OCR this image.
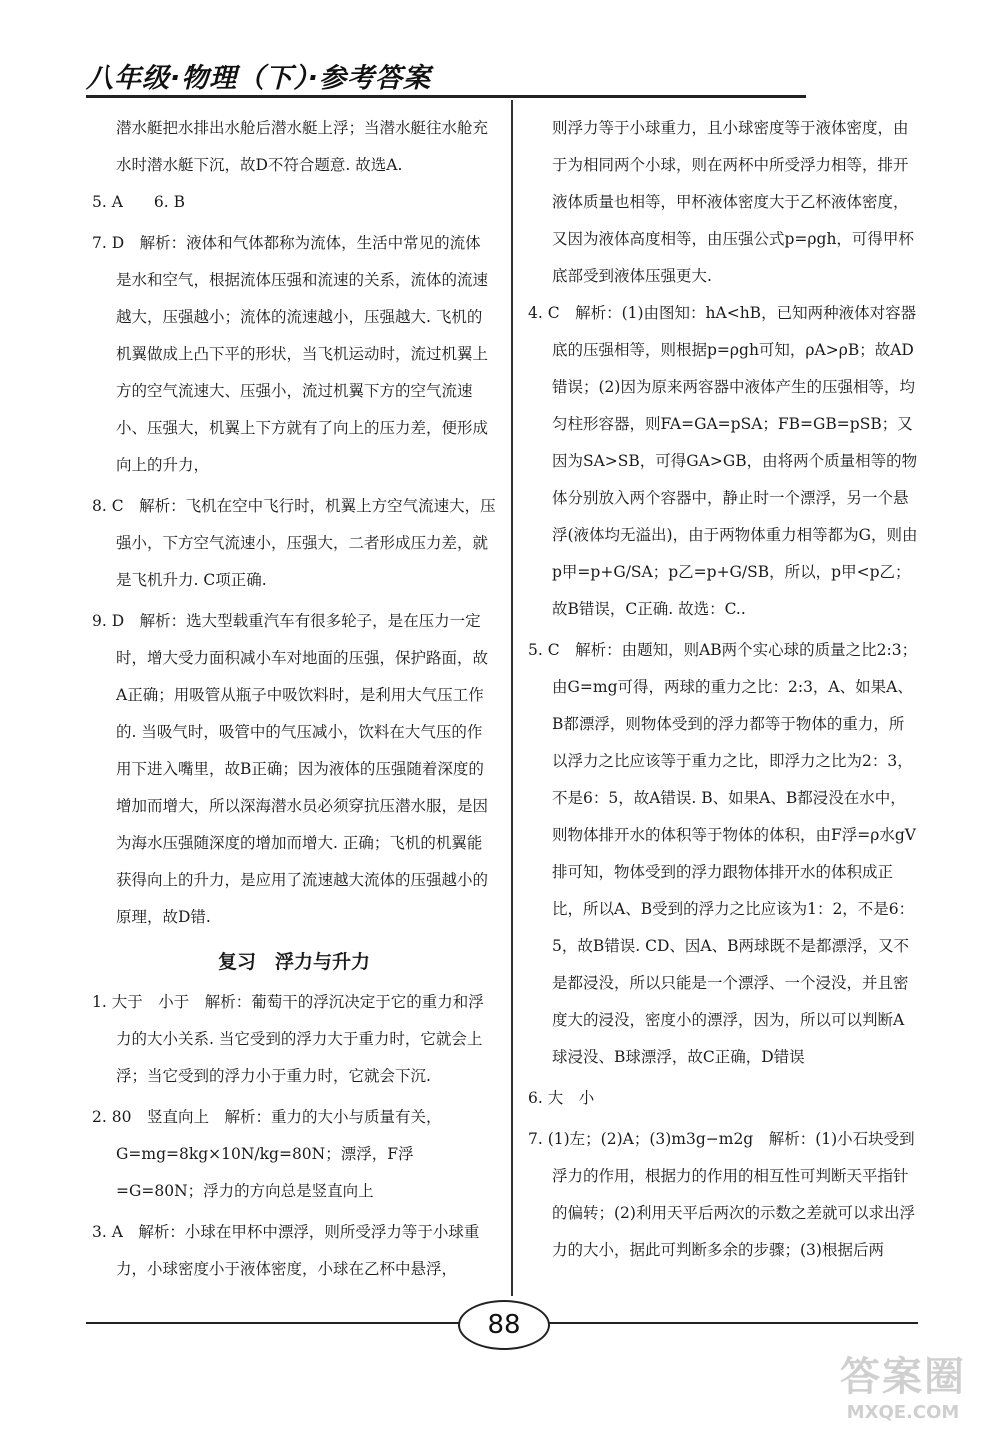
八年级·物理（下）·参考答案

潜水艇把水排出水舱后潜水艇上浮；当潜水艇往水舱充水时潜水艇下沉，故D不符合题意. 故选A.

5. A　　6. B

7. D　解析：液体和气体都称为流体，生活中常见的流体是水和空气，根据流体压强和流速的关系，流体的流速越大，压强越小；流体的流速越小，压强越大. 飞机的机翼做成上凸下平的形状，当飞机运动时，流过机翼上方的空气流速大、压强小，流过机翼下方的空气流速小、压强大，机翼上下方就有了向上的压力差，便形成向上的升力，

8. C　解析：飞机在空中飞行时，机翼上方空气流速大，压强小，下方空气流速小，压强大，二者形成压力差，就是飞机升力. C项正确.

9. D　解析：选大型载重汽车有很多轮子，是在压力一定时，增大受力面积减小车对地面的压强，保护路面，故A正确；用吸管从瓶子中吸饮料时，是利用大气压工作的. 当吸气时，吸管中的气压减小，饮料在大气压的作用下进入嘴里，故B正确；因为液体的压强随着深度的增加而增大，所以深海潜水员必须穿抗压潜水服，是因为海水压强随深度的增加而增大. 正确；飞机的机翼能获得向上的升力，是应用了流速越大流体的压强越小的原理，故D错.

复习　浮力与升力

1. 大于　小于　解析：葡萄干的浮沉决定于它的重力和浮力的大小关系. 当它受到的浮力大于重力时，它就会上浮；当它受到的浮力小于重力时，它就会下沉.

2. 80　竖直向上　解析：重力的大小与质量有关，G=mg=8kg×10N/kg=80N；漂浮，F浮=G=80N；浮力的方向总是竖直向上

3. A　解析：小球在甲杯中漂浮，则所受浮力等于小球重力，小球密度小于液体密度，小球在乙杯中悬浮，

则浮力等于小球重力，且小球密度等于液体密度，由于为相同两个小球，则在两杯中所受浮力相等，排开液体质量也相等，甲杯液体密度大于乙杯液体密度，又因为液体高度相等，由压强公式p=ρgh，可得甲杯底部受到液体压强更大.

4. C　解析：(1)由图知：hA<hB，已知两种液体对容器底的压强相等，则根据p=ρgh可知，ρA>ρB；故AD错误；(2)因为原来两容器中液体产生的压强相等，均匀柱形容器，则FA=GA=pSA；FB=GB=pSB；又因为SA>SB，可得GA>GB，由将两个质量相等的物体分别放入两个容器中，静止时一个漂浮，另一个悬浮(液体均无溢出)，由于两物体重力相等都为G，则由p甲=p+G/SA；p乙=p+G/SB，所以，p甲<p乙；故B错误，C正确. 故选：C..

5. C　解析：由题知，则AB两个实心球的质量之比2:3；由G=mg可得，两球的重力之比：2:3，A、如果A、B都漂浮，则物体受到的浮力都等于物体的重力，所以浮力之比应该等于重力之比，即浮力之比为2：3，不是6：5，故A错误. B、如果A、B都浸没在水中，则物体排开水的体积等于物体的体积，由F浮=ρ水gV排可知，物体受到的浮力跟物体排开水的体积成正比，所以A、B受到的浮力之比应该为1：2，不是6：5，故B错误. CD、因A、B两球既不是都漂浮，又不是都浸没，所以只能是一个漂浮、一个浸没，并且密度大的浸没，密度小的漂浮，因为，所以可以判断A球浸没、B球漂浮，故C正确，D错误

6. 大　小

7. (1)左；(2)A；(3)m3g−m2g　解析：(1)小石块受到浮力的作用，根据力的作用的相互性可判断天平指针的偏转；(2)利用天平后两次的示数之差就可以求出浮力的大小，据此可判断多余的步骤；(3)根据后两

88
答案圈
MXQE.COM
